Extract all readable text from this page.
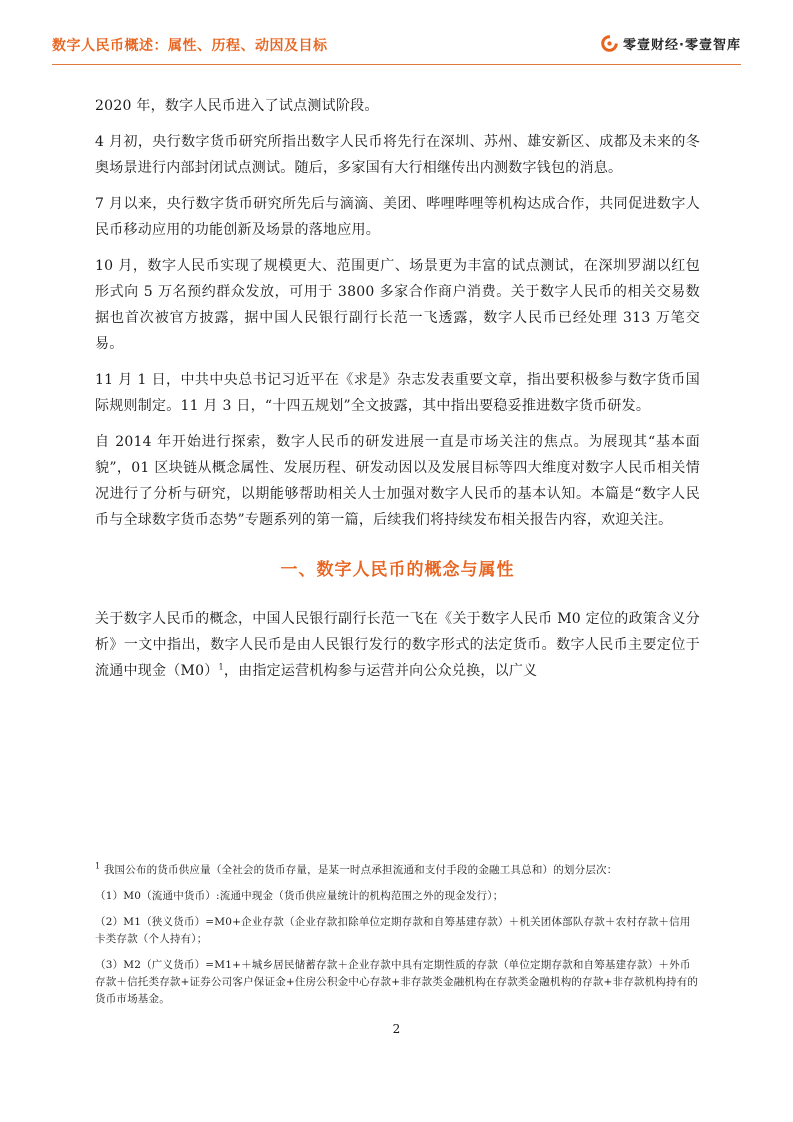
数字人民币概述：属性、历程、动因及目标	零壹财经·零壹智库

2020 年，数字人民币进入了试点测试阶段。

4 月初，央行数字货币研究所指出数字人民币将先行在深圳、苏州、雄安新区、成都及未来的冬奥场景进行内部封闭试点测试。随后，多家国有大行相继传出内测数字钱包的消息。

7 月以来，央行数字货币研究所先后与滴滴、美团、哔哩哔哩等机构达成合作，共同促进数字人民币移动应用的功能创新及场景的落地应用。

10 月，数字人民币实现了规模更大、范围更广、场景更为丰富的试点测试，在深圳罗湖以红包形式向 5 万名预约群众发放，可用于 3800 多家合作商户消费。关于数字人民币的相关交易数据也首次被官方披露，据中国人民银行副行长范一飞透露，数字人民币已经处理 313 万笔交易。

11 月 1 日，中共中央总书记习近平在《求是》杂志发表重要文章，指出要积极参与数字货币国际规则制定。11 月 3 日，“十四五规划”全文披露，其中指出要稳妥推进数字货币研发。

自 2014 年开始进行探索，数字人民币的研发进展一直是市场关注的焦点。为展现其“基本面貌”，01 区块链从概念属性、发展历程、研发动因以及发展目标等四大维度对数字人民币相关情况进行了分析与研究，以期能够帮助相关人士加强对数字人民币的基本认知。本篇是“数字人民币与全球数字货币态势”专题系列的第一篇，后续我们将持续发布相关报告内容，欢迎关注。

一、数字人民币的概念与属性

关于数字人民币的概念，中国人民银行副行长范一飞在《关于数字人民币 M0 定位的政策含义分析》一文中指出，数字人民币是由人民银行发行的数字形式的法定货币。数字人民币主要定位于流通中现金$(M0)^1$，由指定运营机构参与运营并向公众兑换，以广义

$^1$ 我国公布的货币供应量（全社会的货币存量，是某一时点承担流通和支付手段的金融工具总和）的划分层次：

（1）M0（流通中货币）:流通中现金（货币供应量统计的机构范围之外的现金发行）；

（2）M1（狭义货币）=M0+企业存款（企业存款扣除单位定期存款和自筹基建存款）＋机关团体部队存款＋农村存款＋信用卡类存款（个人持有）；

（3）M2（广义货币）=M1+＋城乡居民储蓄存款＋企业存款中具有定期性质的存款（单位定期存款和自筹基建存款）＋外币存款＋信托类存款+证券公司客户保证金+住房公积金中心存款+非存款类金融机构在存款类金融机构的存款+非存款机构持有的货币市场基金。

2
